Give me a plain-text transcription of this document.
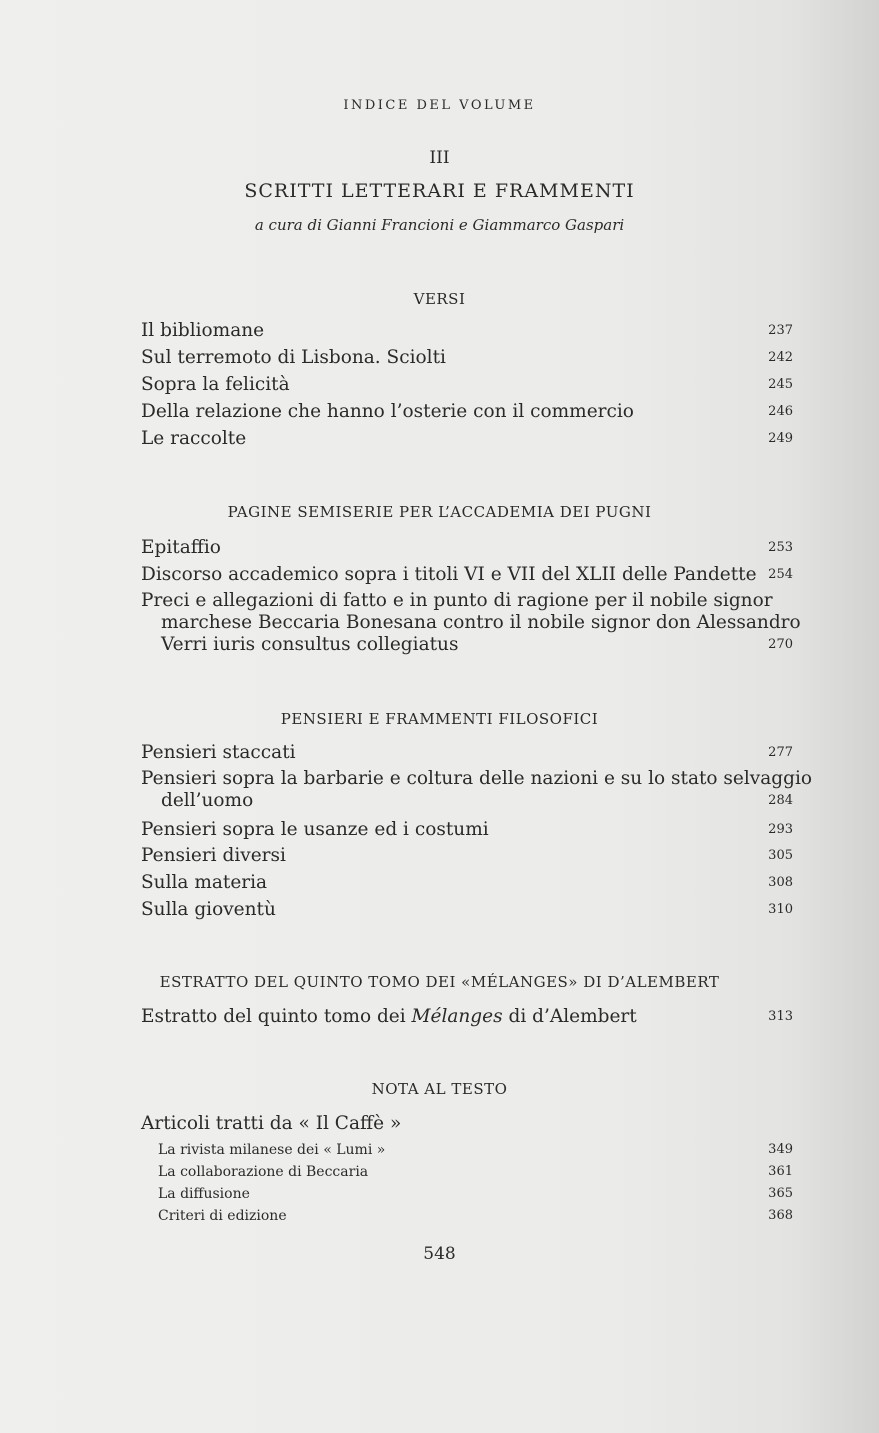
INDICE DEL VOLUME
III
SCRITTI LETTERARI E FRAMMENTI
a cura di Gianni Francioni e Giammarco Gaspari
VERSI
Il bibliomane	237
Sul terremoto di Lisbona. Sciolti	242
Sopra la felicità	245
Della relazione che hanno l’osterie con il commercio	246
Le raccolte	249
PAGINE SEMISERIE PER L’ACCADEMIA DEI PUGNI
Epitaffio	253
Discorso accademico sopra i titoli VI e VII del XLII delle Pandette 254
Preci e allegazioni di fatto e in punto di ragione per il nobile signor
marchese Beccaria Bonesana contro il nobile signor don Alessandro
Verri iuris consultus collegiatus	270
PENSIERI E FRAMMENTI FILOSOFICI
Pensieri staccati	277
Pensieri sopra la barbarie e coltura delle nazioni e su lo stato selvaggio
dell’uomo	284
Pensieri sopra le usanze ed i costumi	293
Pensieri diversi	305
Sulla materia	308
Sulla gioventù	310
ESTRATTO DEL QUINTO TOMO DEI «MÉLANGES» DI D’ALEMBERT
Estratto del quinto tomo dei Mélanges di d’Alembert	313
NOTA AL TESTO
Articoli tratti da « Il Caffè »
La rivista milanese dei « Lumi »	349
La collaborazione di Beccaria	361
La diffusione	365
Criteri di edizione	368
548
